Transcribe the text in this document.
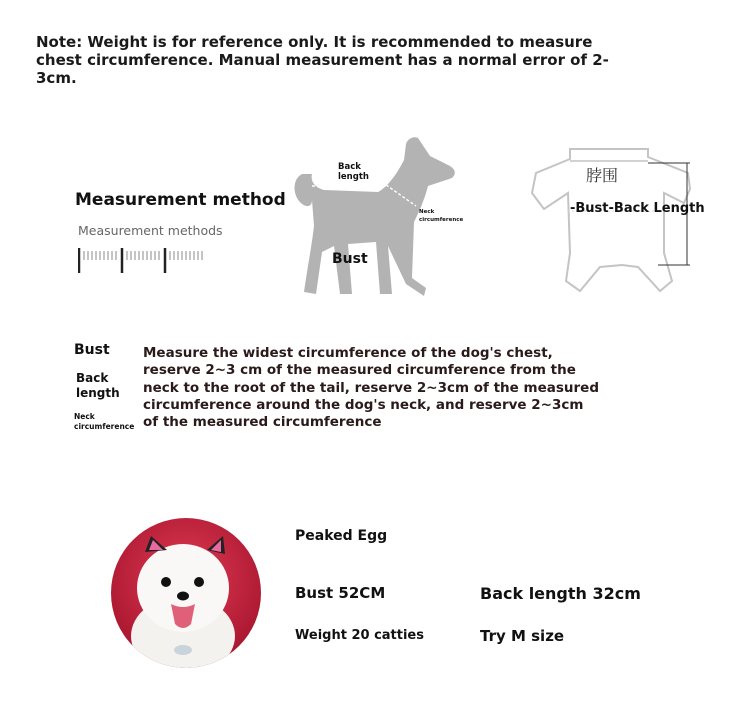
Note: Weight is for reference only. It is recommended to measure chest circumference. Manual measurement has a normal error of 2-3cm.
Measurement method
Measurement methods
Back
length
Neck
circumference
Bust
脖围
-Bust-Back Length
Bust
Back length
Neck circumference
Measure the widest circumference of the dog's chest, reserve 2~3 cm of the measured circumference from the neck to the root of the tail, reserve 2~3cm of the measured circumference around the dog's neck, and reserve 2~3cm of the measured circumference
Peaked Egg
Bust 52CM	Back length 32cm
Weight 20 catties	Try M size
